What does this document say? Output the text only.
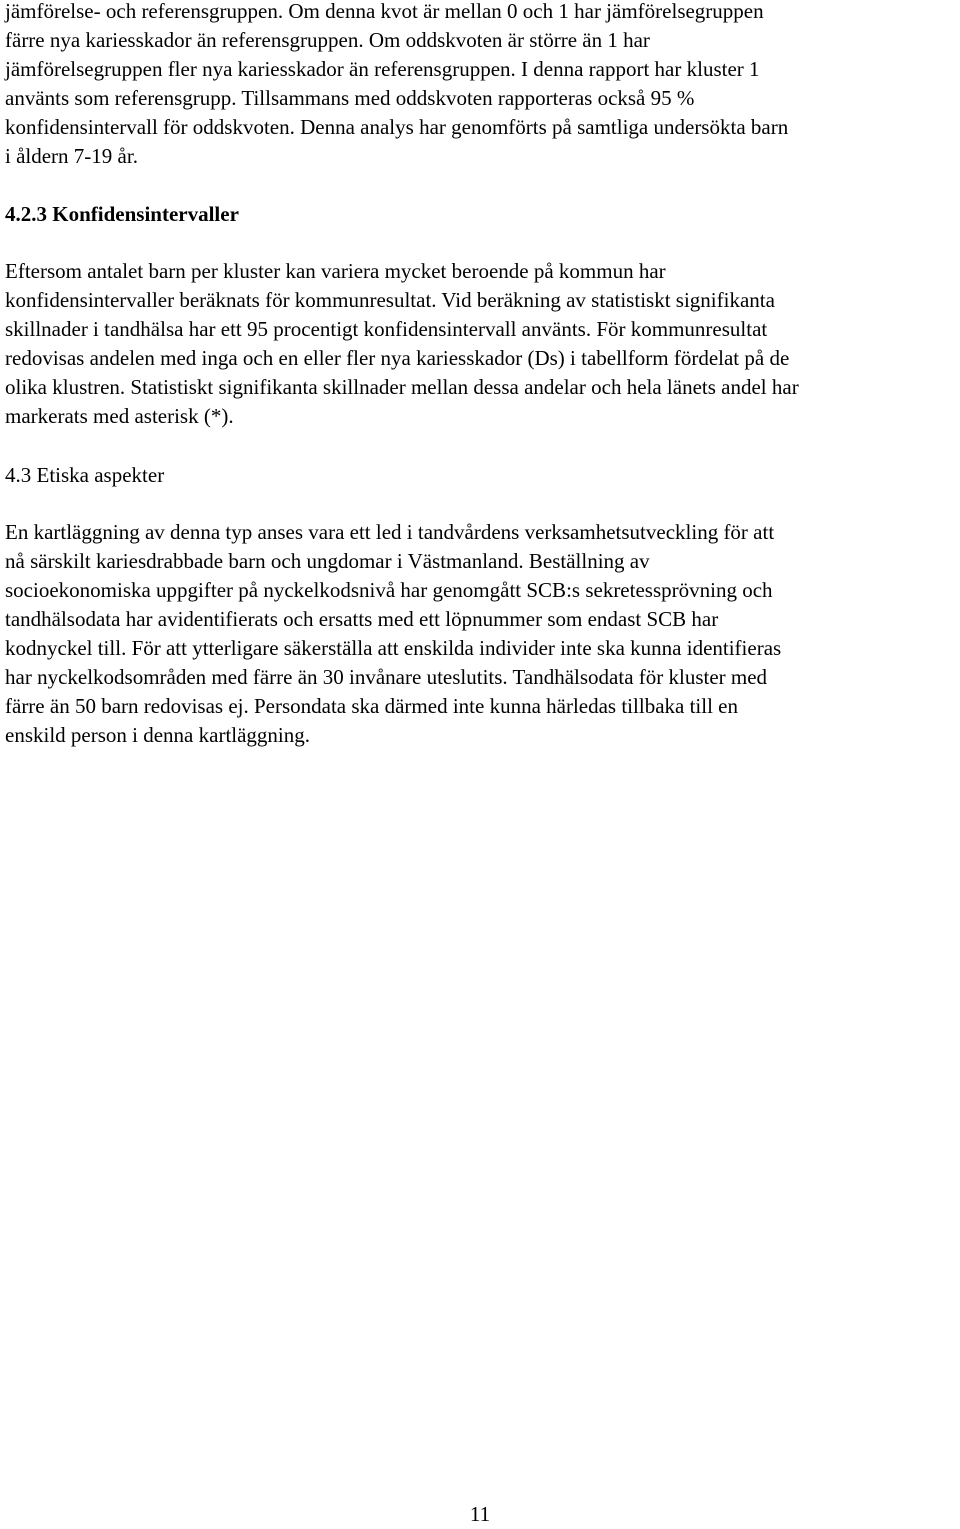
jämförelse- och referensgruppen. Om denna kvot är mellan 0 och 1 har jämförelsegruppen
färre nya kariesskador än referensgruppen. Om oddskvoten är större än 1 har
jämförelsegruppen fler nya kariesskador än referensgruppen. I denna rapport har kluster 1
använts som referensgrupp. Tillsammans med oddskvoten rapporteras också 95 %
konfidensintervall för oddskvoten. Denna analys har genomförts på samtliga undersökta barn
i åldern 7-19 år.

4.2.3 Konfidensintervaller

Eftersom antalet barn per kluster kan variera mycket beroende på kommun har
konfidensintervaller beräknats för kommunresultat. Vid beräkning av statistiskt signifikanta
skillnader i tandhälsa har ett 95 procentigt konfidensintervall använts. För kommunresultat
redovisas andelen med inga och en eller fler nya kariesskador (Ds) i tabellform fördelat på de
olika klustren. Statistiskt signifikanta skillnader mellan dessa andelar och hela länets andel har
markerats med asterisk (*).

4.3 Etiska aspekter

En kartläggning av denna typ anses vara ett led i tandvårdens verksamhetsutveckling för att
nå särskilt kariesdrabbade barn och ungdomar i Västmanland. Beställning av
socioekonomiska uppgifter på nyckelkodsnivå har genomgått SCB:s sekretessprövning och
tandhälsodata har avidentifierats och ersatts med ett löpnummer som endast SCB har
kodnyckel till. För att ytterligare säkerställa att enskilda individer inte ska kunna identifieras
har nyckelkodsområden med färre än 30 invånare uteslutits. Tandhälsodata för kluster med
färre än 50 barn redovisas ej. Persondata ska därmed inte kunna härledas tillbaka till en
enskild person i denna kartläggning.

11
